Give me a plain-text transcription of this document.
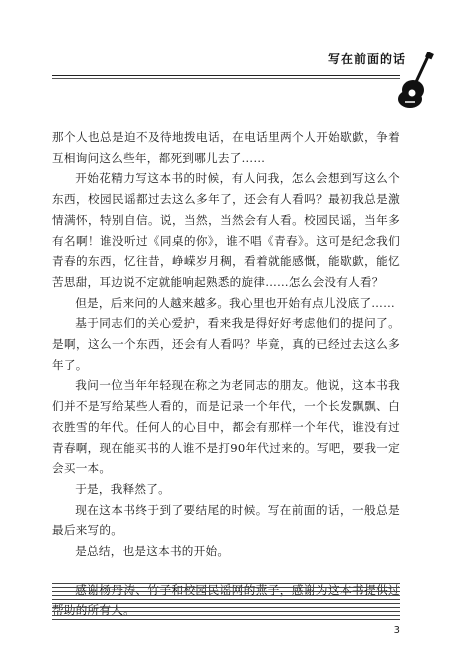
写在前面的话

那个人也总是迫不及待地拨电话，在电话里两个人开始歇歔，争着互相询问这么些年，都死到哪儿去了……

开始花精力写这本书的时候，有人问我，怎么会想到写这么个东西，校园民谣都过去这么多年了，还会有人看吗？最初我总是激情满怀，特别自信。说，当然，当然会有人看。校园民谣，当年多有名啊！谁没听过《同桌的你》，谁不唱《青春》。这可是纪念我们青春的东西，忆往昔，峥嵘岁月稠，看着就能感慨，能歇歔，能忆苦思甜，耳边说不定就能响起熟悉的旋律……怎么会没有人看？

但是，后来问的人越来越多。我心里也开始有点儿没底了……

基于同志们的关心爱护，看来我是得好好考虑他们的提问了。是啊，这么一个东西，还会有人看吗？毕竟，真的已经过去这么多年了。

我问一位当年年轻现在称之为老同志的朋友。他说，这本书我们并不是写给某些人看的，而是记录一个年代，一个长发飘飘、白衣胜雪的年代。任何人的心目中，都会有那样一个年代，谁没有过青春啊，现在能买书的人谁不是打90年代过来的。写吧，要我一定会买一本。

于是，我释然了。

现在这本书终于到了要结尾的时候。写在前面的话，一般总是最后来写的。

是总结，也是这本书的开始。

感谢杨丹涛、竹子和校园民谣网的燕子，感谢为这本书提供过帮助的所有人。

3
